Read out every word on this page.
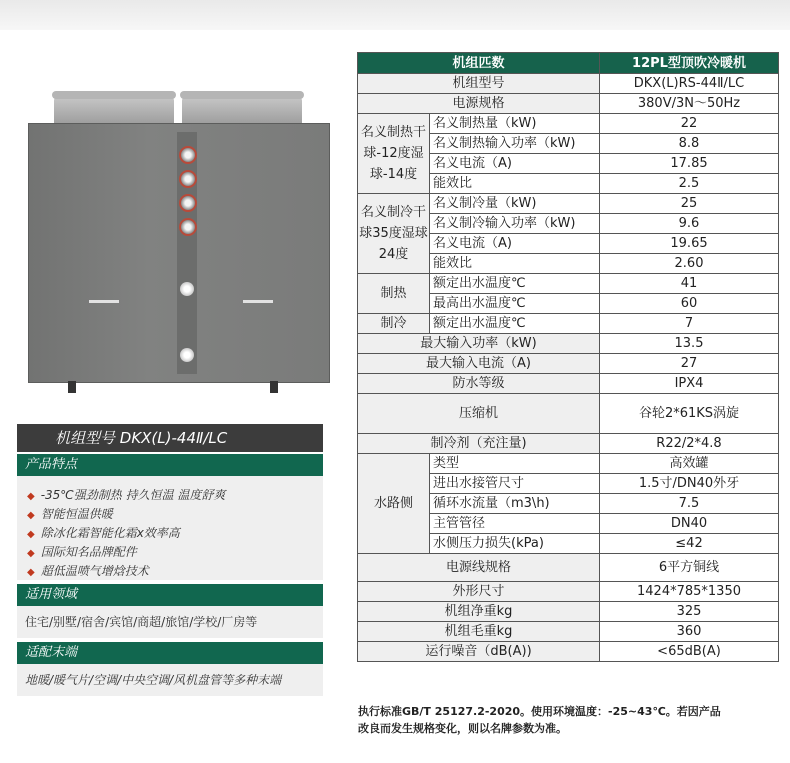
机组型号 DKX(L)-44Ⅱ/LC
产品特点
◆ -35℃强劲制热 持久恒温 温度舒爽
◆ 智能恒温供暖
◆ 除冰化霜智能化霜x效率高
◆ 国际知名品牌配件
◆ 超低温喷气增焓技术
适用领域
住宅/别墅/宿舍/宾馆/商超/旅馆/学校/厂房等
适配末端
地暖/暖气片/空调/中央空调/风机盘管等多种末端
机组匹数		12PL型顶吹冷暖机
机组型号		DKX(L)RS-44Ⅱ/LC
电源规格		380V/3N～50Hz
名义制热干球-12度湿球-14度	名义制热量（kW)	22
	名义制热输入功率（kW)	8.8
	名义电流（A)	17.85
	能效比	2.5
名义制冷干球35度湿球24度	名义制冷量（kW)	25
	名义制冷输入功率（kW)	9.6
	名义电流（A)	19.65
	能效比	2.60
制热	额定出水温度℃	41
	最高出水温度℃	60
制冷	额定出水温度℃	7
最大输入功率（kW)		13.5
最大输入电流（A)		27
防水等级		IPX4
压缩机		谷轮2*61KS涡旋
制冷剂（充注量)		R22/2*4.8
水路侧	类型	高效罐
	进出水接管尺寸	1.5寸/DN40外牙
	循环水流量（m3\h)	7.5
	主管管径	DN40
	水侧压力损失(kPa)	≤42
电源线规格		6平方铜线
外形尺寸		1424*785*1350
机组净重kg		325
机组毛重kg		360
运行噪音（dB(A))		<65dB(A)
执行标准GB/T 25127.2-2020。使用环境温度：-25~43℃。若因产品
改良而发生规格变化，则以名牌参数为准。
